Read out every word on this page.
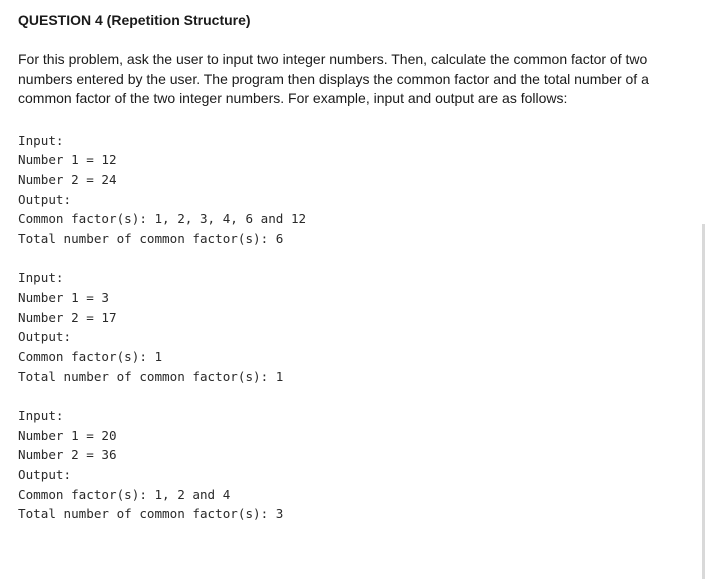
QUESTION 4 (Repetition Structure)

For this problem, ask the user to input two integer numbers. Then, calculate the common factor of two numbers entered by the user. The program then displays the common factor and the total number of a common factor of the two integer numbers. For example, input and output are as follows:

Input:
Number 1 = 12
Number 2 = 24
Output:
Common factor(s): 1, 2, 3, 4, 6 and 12
Total number of common factor(s): 6
Input:
Number 1 = 3
Number 2 = 17
Output:
Common factor(s): 1
Total number of common factor(s): 1
Input:
Number 1 = 20
Number 2 = 36
Output:
Common factor(s): 1, 2 and 4
Total number of common factor(s): 3
